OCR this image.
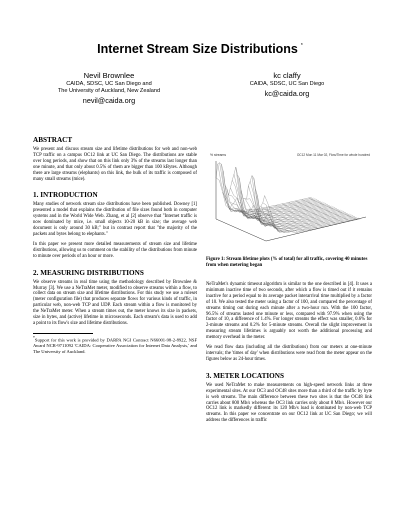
Internet Stream Size Distributions *
Nevil Brownlee
CAIDA, SDSC, UC San Diego and
The University of Auckland, New Zealand
nevil@caida.org
kc claffy
CAIDA, SDSC, UC San Diego
kc@caida.org
ABSTRACT
We present and discuss stream size and lifetime distributions for web and non-web TCP traffic on a campus OC12 link at UC San Diego. The distributions are stable over long periods, and show that on this link only 3% of the streams last longer than one minute, and that only about 0.5% of them are bigger than 100 kBytes. Although there are large streams (elephants) on this link, the bulk of its traffic is composed of many small streams (mice).
1. INTRODUCTION
Many studies of network stream size distributions have been published. Downey [1] presented a model that explains the distribution of file sizes found both in computer systems and in the World Wide Web. Zhang, et al [2] observe that "Internet traffic is now dominated by mice, i.e. small objects 10-20 kB in size; the average web document is only around 30 kB;" but in contrast report that "the majority of the packets and bytes belong to elephants."
In this paper we present more detailed measurements of stream size and lifetime distributions, allowing us to comment on the stability of the distributions from minute to minute over periods of an hour or more.
2. MEASURING DISTRIBUTIONS
We observe streams in real time using the methodology described by Brownlee & Murray [3]. We use a NeTraMet meter, modified to observe streams within a flow, to collect data on stream size and lifetime distributions. For this study we use a ruleset (meter configuration file) that produces separate flows for various kinds of traffic, in particular web, non-web TCP and UDP. Each stream within a flow is monitored by the NeTraMet meter. When a stream times out, the meter knows its size in packets, size in bytes, and (active) lifetime in microseconds. Each stream's data is used to add a point to its flow's size and lifetime distributions.
*Support for this work is provided by DARPA NGI Contract N66001-98-2-8922, NSF Award NCR-9711092 'CAIDA: Cooperative Association for Internet Data Analysis,' and The University of Auckland.
% streams	OC12 Mon 11 Mar 02, Flow/Time for whole hundred
Figure 1: Stream lifetime plots (% of total) for all traffic, covering 40 minutes from when metering began
NeTraMet's dynamic timeout algorithm is similar to the one described in [4]. It uses a minimum inactive time of two seconds, after which a flow is timed out if it remains inactive for a period equal to its average packet interarrival time multiplied by a factor of 10. We also tested the meter using a factor of 100, and compared the percentage of streams timing out during each minute after a two-hour run. With the 100 factor, 96.5% of streams lasted one minute or less, compared with 97.9% when using the factor of 10, a difference of 1.4%. For longer streams the effect was smaller, 0.6% for 2-minute streams and 0.2% for 5-minute streams. Overall the slight improvement in measuring stream lifetimes is arguably not worth the additional processing and memory overhead in the meter.
We read flow data (including all the distributions) from our meters at one-minute intervals; the 'times of day' when distributions were read from the meter appear on the figures below as 24-hour times.
3. METER LOCATIONS
We used NeTraMet to make measurements on high-speed network links at three experimental sites. At our OC3 and OC48 sites more than a third of the traffic by byte is web streams. The main difference between these two sites is that the OC48 link carries about 800 Mb/s whereas the OC3 link carries only about 8 Mb/s. However our OC12 link is markedly different: its 120 Mb/s load is dominated by non-web TCP streams. In this paper we concentrate on our OC12 link at UC San Diego; we will address the differences in traffic
